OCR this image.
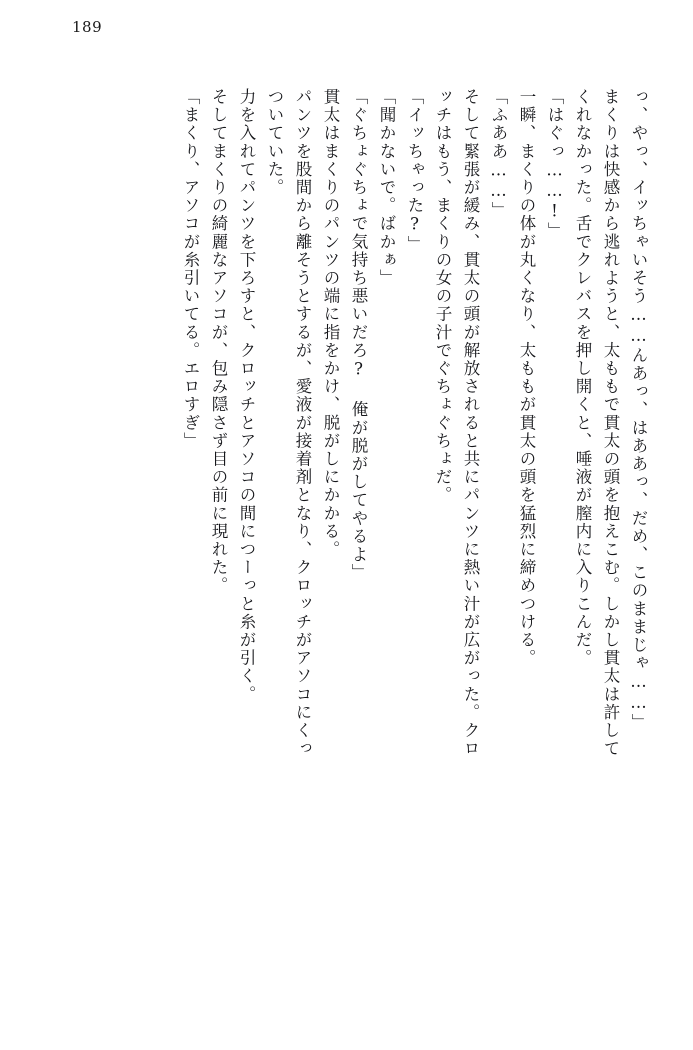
189
っ、やっ、イッちゃいそう……んあっ、はああっ、だめ、このままじゃ……」
まくりは快感から逃れようと、太ももで貫太の頭を抱えこむ。しかし貫太は許して
くれなかった。舌でクレバスを押し開くと、唾液が膣内に入りこんだ。
「はぐっ……!」
一瞬、まくりの体が丸くなり、太ももが貫太の頭を猛烈に締めつける。
「ふああ……」
そして緊張が緩み、貫太の頭が解放されると共にパンツに熱い汁が広がった。クロ
ッチはもう、まくりの女の子汁でぐちょぐちょだ。
「イッちゃった?」
「聞かないで。ばかぁ」
「ぐちょぐちょで気持ち悪いだろ? 俺が脱がしてやるよ」
貫太はまくりのパンツの端に指をかけ、脱がしにかかる。
パンツを股間から離そうとするが、愛液が接着剤となり、クロッチがアソコにくっ
ついていた。
力を入れてパンツを下ろすと、クロッチとアソコの間につーっと糸が引く。
そしてまくりの綺麗なアソコが、包み隠さず目の前に現れた。
「まくり、アソコが糸引いてる。エロすぎ」
